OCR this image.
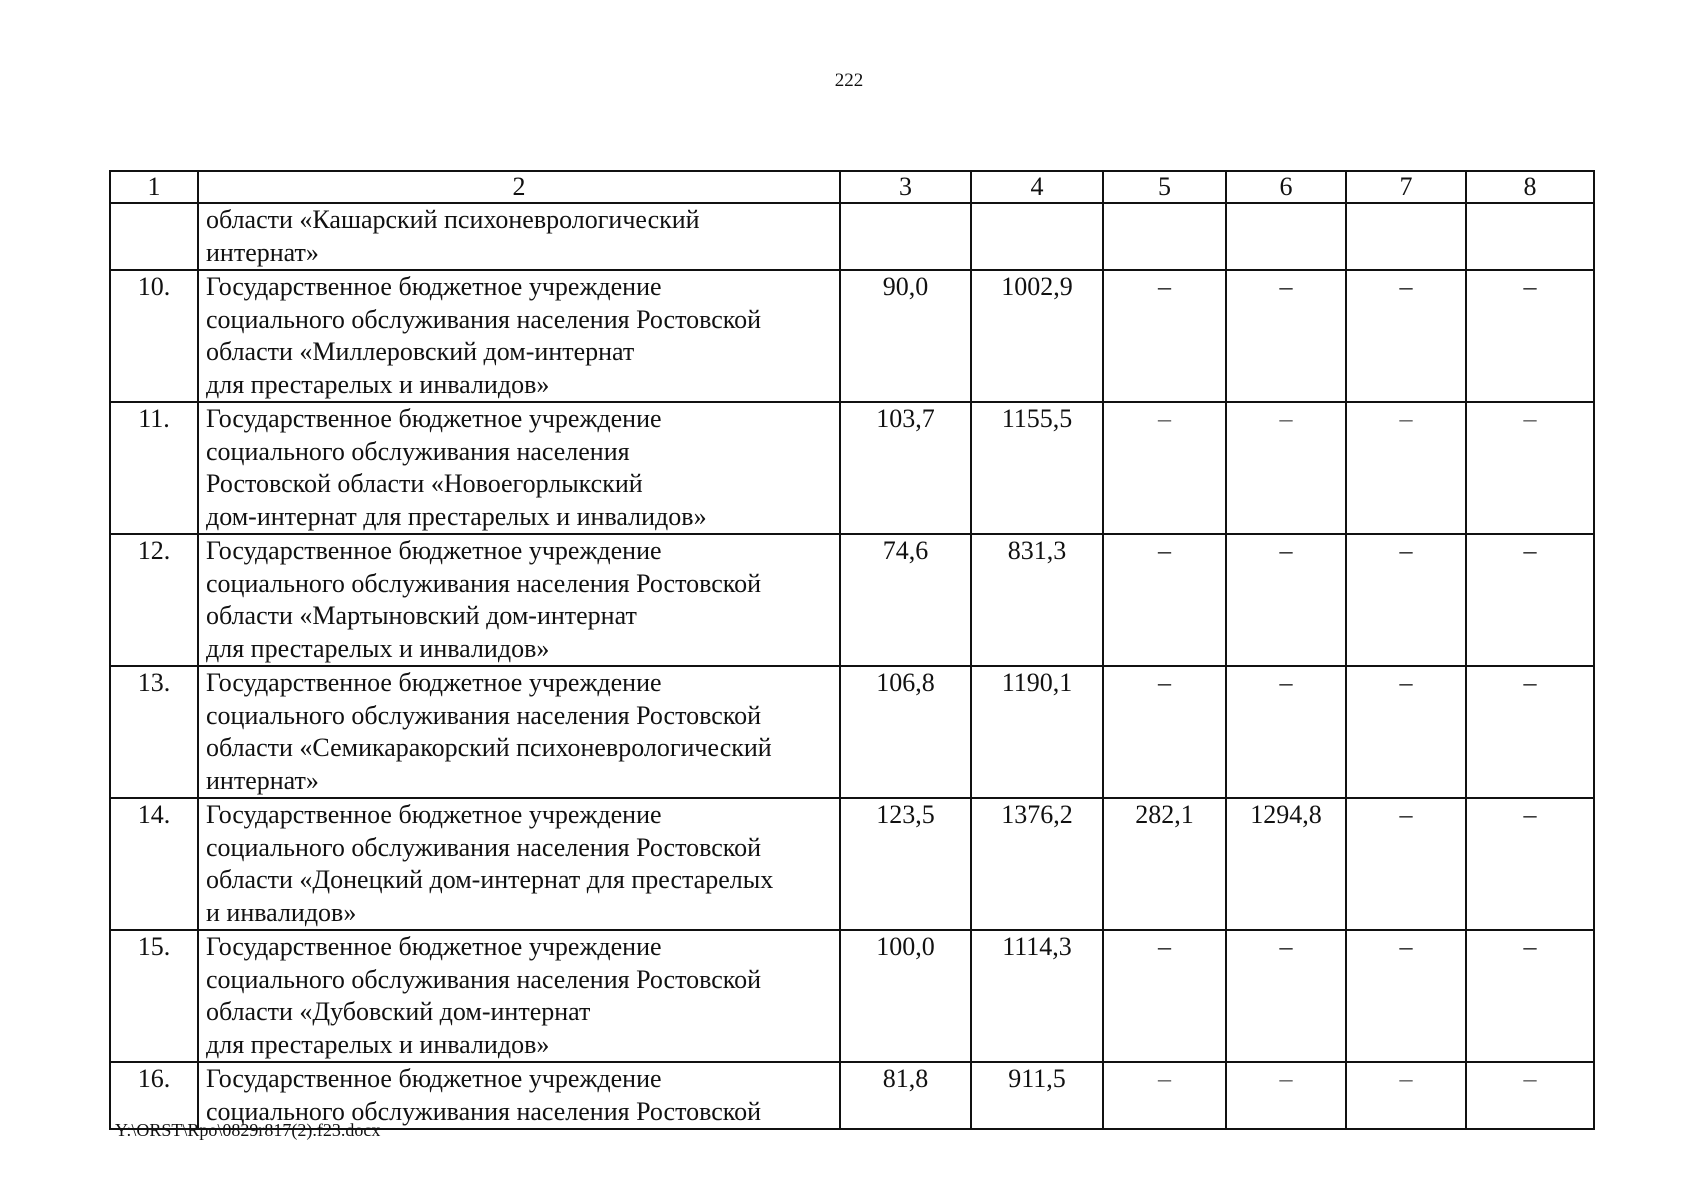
222
1	2	3	4	5	6	7	8

	области «Кашарский психоневрологический
интернат»						

10.	Государственное бюджетное учреждение
социального обслуживания населения Ростовской
области «Миллеровский дом-интернат
для престарелых и инвалидов»	90,0	1002,9	–	–	–	–
11.	Государственное бюджетное учреждение
социального обслуживания населения
Ростовской области «Новоегорлыкский
дом-интернат для престарелых и инвалидов»	103,7	1155,5	–	–	–	–
12.	Государственное бюджетное учреждение
социального обслуживания населения Ростовской
области «Мартыновский дом-интернат
для престарелых и инвалидов»	74,6	831,3	–	–	–	–
13.	Государственное бюджетное учреждение
социального обслуживания населения Ростовской
области «Семикаракорский психоневрологический
интернат»	106,8	1190,1	–	–	–	–
14.	Государственное бюджетное учреждение
социального обслуживания населения Ростовской
области «Донецкий дом-интернат для престарелых
и инвалидов»	123,5	1376,2	282,1	1294,8	–	–
15.	Государственное бюджетное учреждение
социального обслуживания населения Ростовской
области «Дубовский дом-интернат
для престарелых и инвалидов»	100,0	1114,3	–	–	–	–
16.	Государственное бюджетное учреждение
социального обслуживания населения Ростовской	81,8	911,5	–	–	–	–
Y:\ORST\Rpo\0829r817(2).f23.docx
